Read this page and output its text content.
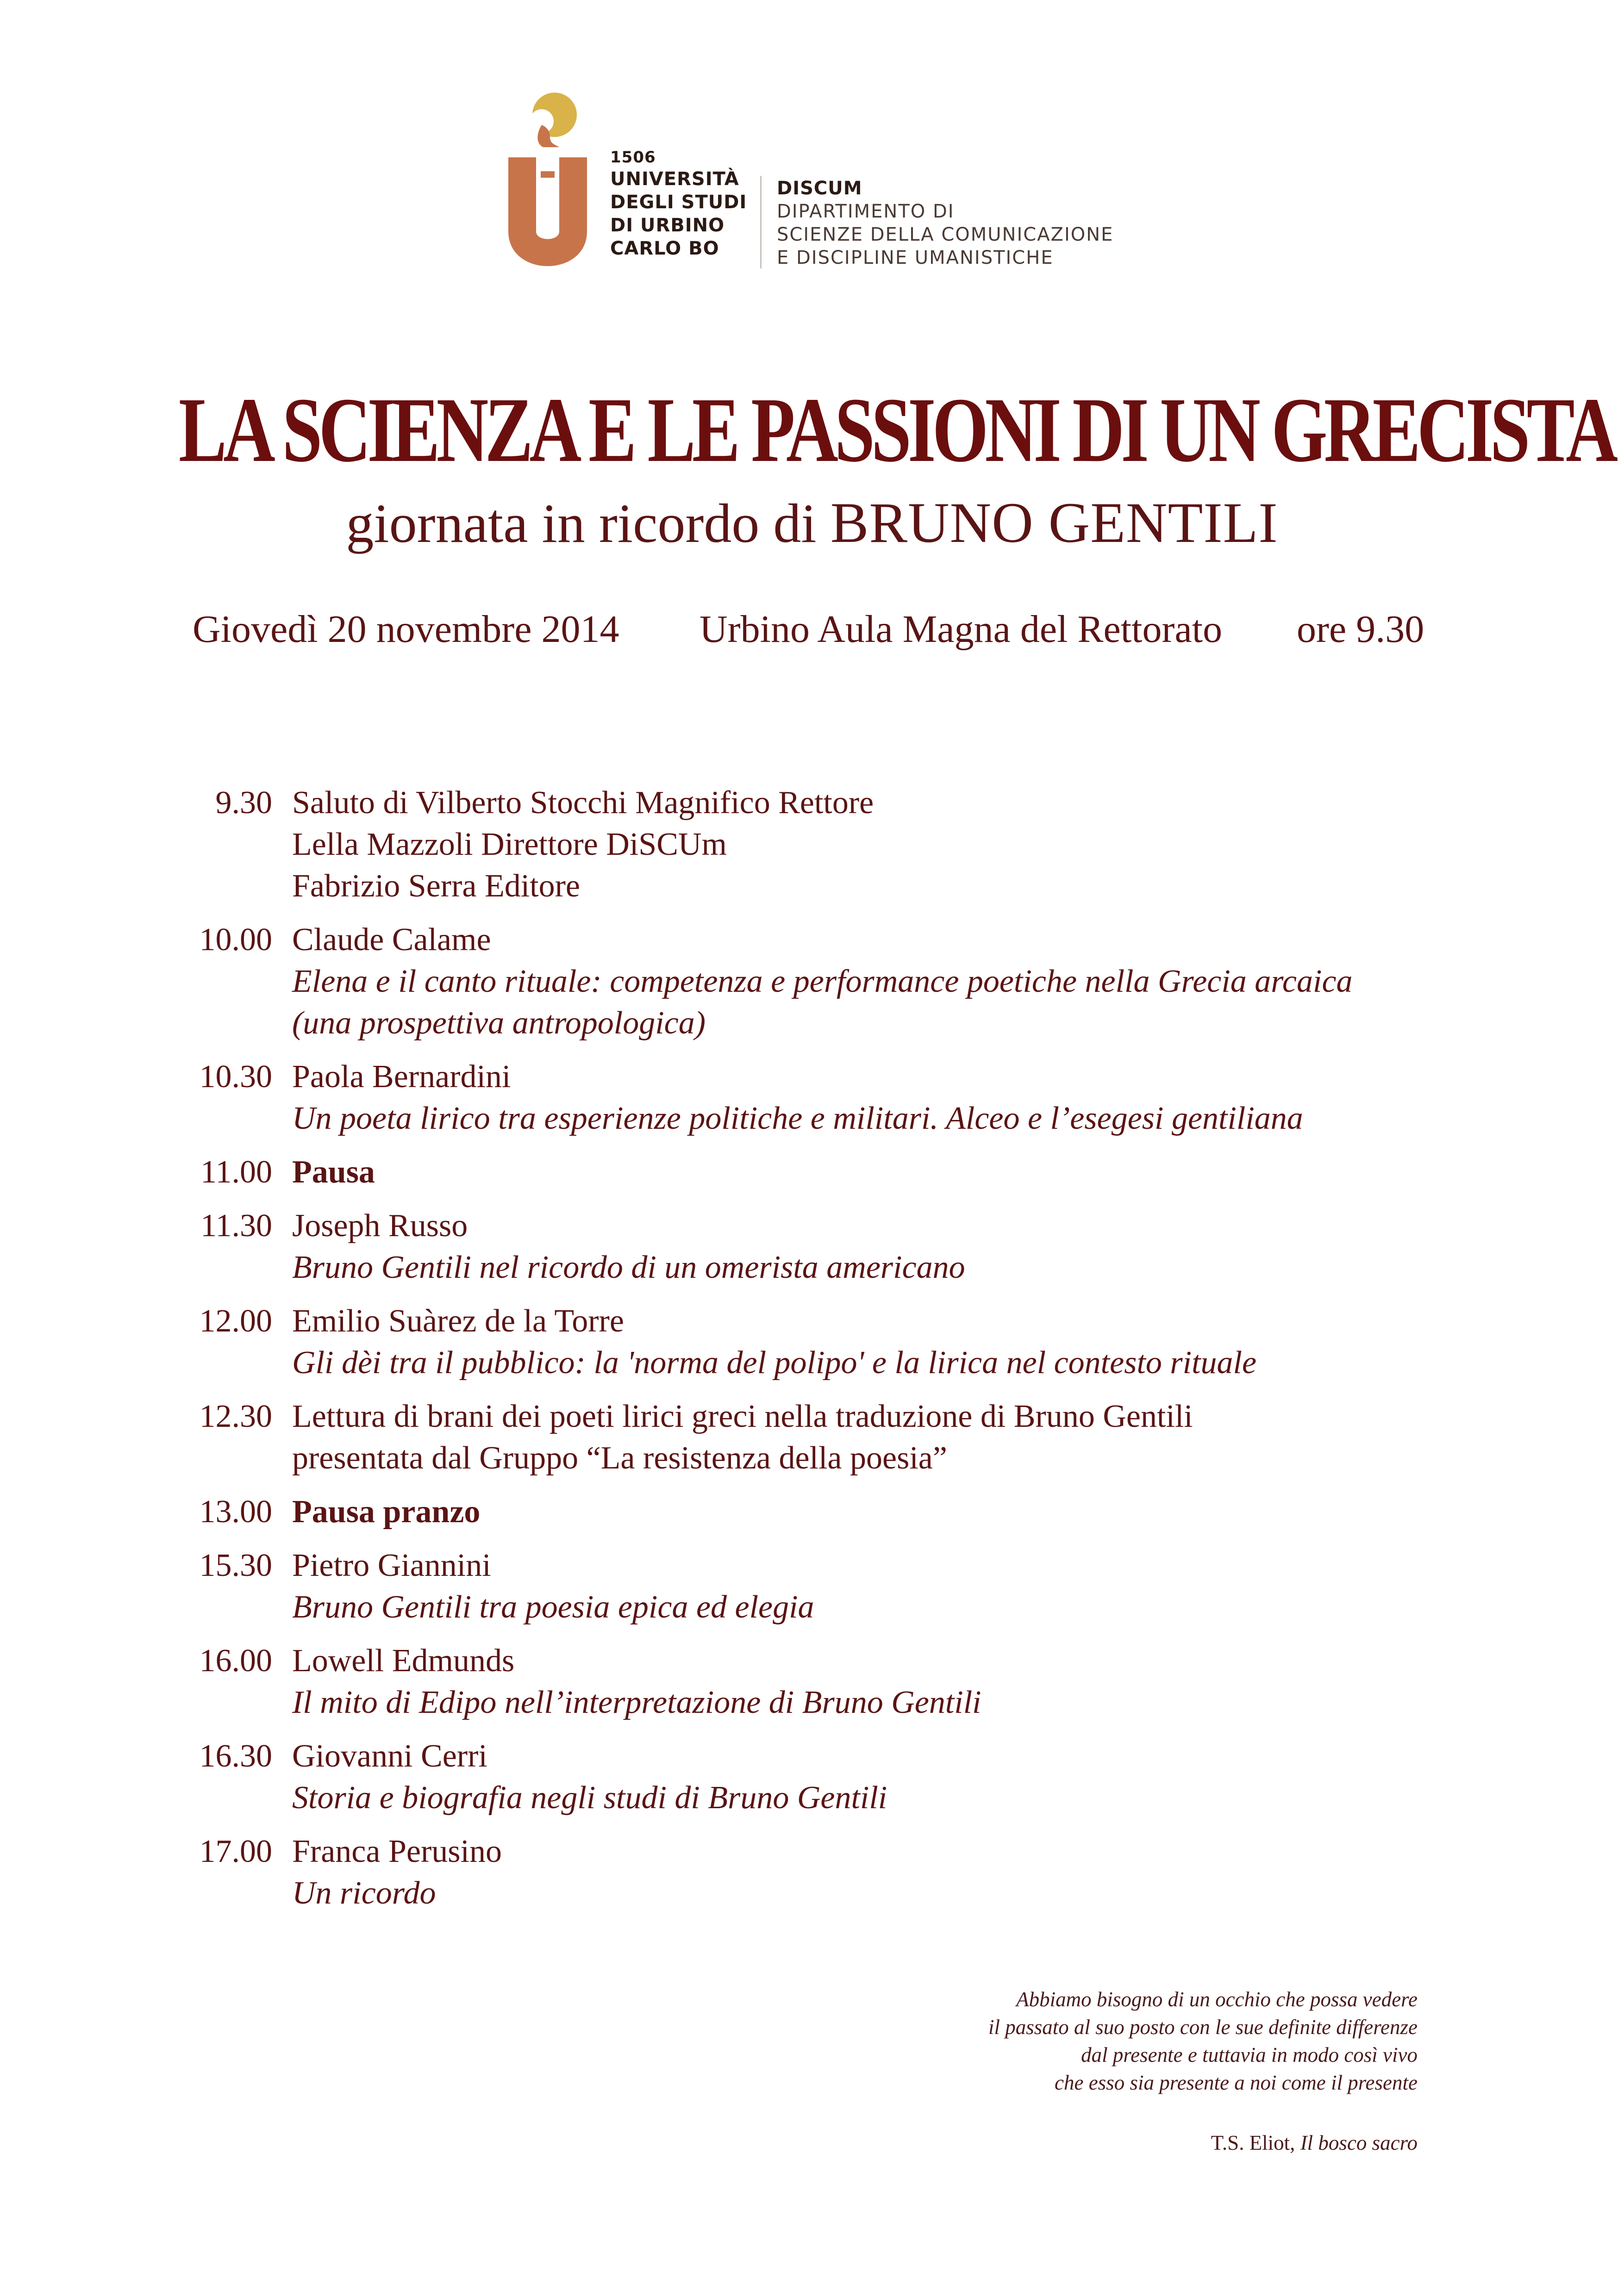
1506
UNIVERSITÀ
DEGLI STUDI
DI URBINO
CARLO BO
DISCUM
DIPARTIMENTO DI
SCIENZE DELLA COMUNICAZIONE
E DISCIPLINE UMANISTICHE
LA SCIENZA E LE PASSIONI DI UN GRECISTA
giornata in ricordo di BRUNO GENTILI
Giovedì 20 novembre 2014 Urbino Aula Magna del Rettorato ore 9.30
9.30 Saluto di Vilberto Stocchi Magnifico Rettore
Lella Mazzoli Direttore DiSCUm
Fabrizio Serra Editore
10.00 Claude Calame
Elena e il canto rituale: competenza e performance poetiche nella Grecia arcaica
(una prospettiva antropologica)
10.30 Paola Bernardini
Un poeta lirico tra esperienze politiche e militari. Alceo e l’esegesi gentiliana
11.00 Pausa
11.30 Joseph Russo
Bruno Gentili nel ricordo di un omerista americano
12.00 Emilio Suàrez de la Torre
Gli dèi tra il pubblico: la 'norma del polipo' e la lirica nel contesto rituale
12.30 Lettura di brani dei poeti lirici greci nella traduzione di Bruno Gentili
presentata dal Gruppo “La resistenza della poesia”
13.00 Pausa pranzo
15.30 Pietro Giannini
Bruno Gentili tra poesia epica ed elegia
16.00 Lowell Edmunds
Il mito di Edipo nell’interpretazione di Bruno Gentili
16.30 Giovanni Cerri
Storia e biografia negli studi di Bruno Gentili
17.00 Franca Perusino
Un ricordo
Abbiamo bisogno di un occhio che possa vedere
il passato al suo posto con le sue definite differenze
dal presente e tuttavia in modo così vivo
che esso sia presente a noi come il presente
T.S. Eliot, Il bosco sacro
